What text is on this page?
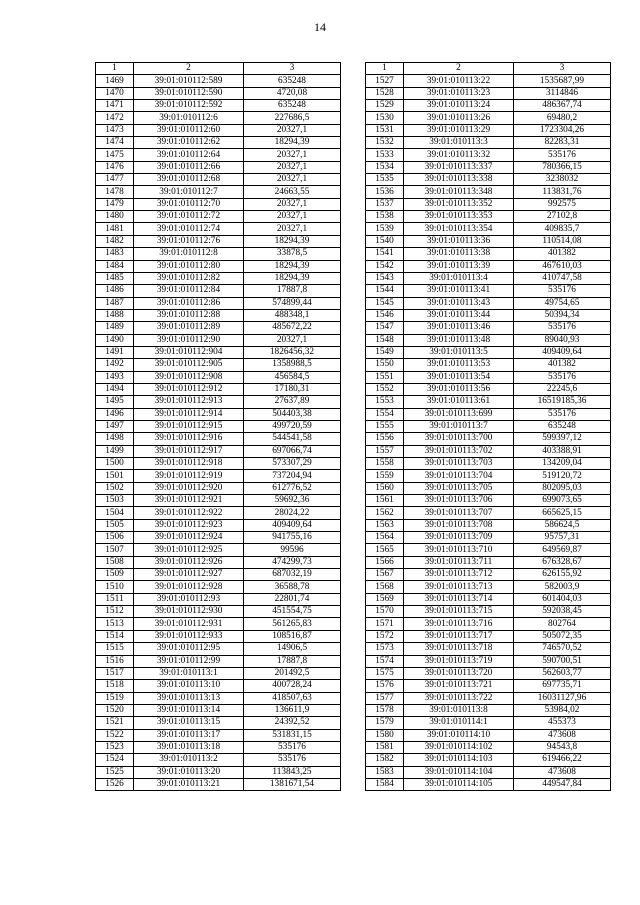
14
1	2	3
1469	39:01:010112:589	635248
1470	39:01:010112:590	4720,08
1471	39:01:010112:592	635248
1472	39:01:010112:6	227686,5
1473	39:01:010112:60	20327,1
1474	39:01:010112:62	18294,39
1475	39:01:010112:64	20327,1
1476	39:01:010112:66	20327,1
1477	39:01:010112:68	20327,1
1478	39:01:010112:7	24663,55
1479	39:01:010112:70	20327,1
1480	39:01:010112:72	20327,1
1481	39:01:010112:74	20327,1
1482	39:01:010112:76	18294,39
1483	39:01:010112:8	33878,5
1484	39:01:010112:80	18294,39
1485	39:01:010112:82	18294,39
1486	39:01:010112:84	17887,8
1487	39:01:010112:86	574899,44
1488	39:01:010112:88	488348,1
1489	39:01:010112:89	485672,22
1490	39:01:010112:90	20327,1
1491	39:01:010112:904	1826456,32
1492	39:01:010112:905	1358988,5
1493	39:01:010112:908	456584,5
1494	39:01:010112:912	17180,31
1495	39:01:010112:913	27637,89
1496	39:01:010112:914	504403,38
1497	39:01:010112:915	499720,59
1498	39:01:010112:916	544541,58
1499	39:01:010112:917	697066,74
1500	39:01:010112:918	573307,29
1501	39:01:010112:919	737204,94
1502	39:01:010112:920	612776,52
1503	39:01:010112:921	59692,36
1504	39:01:010112:922	28024,22
1505	39:01:010112:923	409409,64
1506	39:01:010112:924	941755,16
1507	39:01:010112:925	99596
1508	39:01:010112:926	474299,73
1509	39:01:010112:927	687032,19
1510	39:01:010112:928	36588,78
1511	39:01:010112:93	22801,74
1512	39:01:010112:930	451554,75
1513	39:01:010112:931	561265,83
1514	39:01:010112:933	108516,87
1515	39:01:010112:95	14906,5
1516	39:01:010112:99	17887,8
1517	39:01:010113:1	201492,5
1518	39:01:010113:10	400728,24
1519	39:01:010113:13	418507,63
1520	39:01:010113:14	136611,9
1521	39:01:010113:15	24392,52
1522	39:01:010113:17	531831,15
1523	39:01:010113:18	535176
1524	39:01:010113:2	535176
1525	39:01:010113:20	113843,25
1526	39:01:010113:21	1381671,54
1	2	3
1527	39:01:010113:22	1535687,99
1528	39:01:010113:23	3114846
1529	39:01:010113:24	486367,74
1530	39:01:010113:26	69480,2
1531	39:01:010113:29	1723304,26
1532	39:01:010113:3	82283,31
1533	39:01:010113:32	535176
1534	39:01:010113:337	780366,15
1535	39:01:010113:338	3238032
1536	39:01:010113:348	113831,76
1537	39:01:010113:352	992575
1538	39:01:010113:353	27102,8
1539	39:01:010113:354	409835,7
1540	39:01:010113:36	110514,08
1541	39:01:010113:38	401382
1542	39:01:010113:39	467610,03
1543	39:01:010113:4	410747,58
1544	39:01:010113:41	535176
1545	39:01:010113:43	49754,65
1546	39:01:010113:44	50394,34
1547	39:01:010113:46	535176
1548	39:01:010113:48	89040,93
1549	39:01:010113:5	409409,64
1550	39:01:010113:53	401382
1551	39:01:010113:54	535176
1552	39:01:010113:56	22245,6
1553	39:01:010113:61	16519185,36
1554	39:01:010113:699	535176
1555	39:01:010113:7	635248
1556	39:01:010113:700	599397,12
1557	39:01:010113:702	403388,91
1558	39:01:010113:703	134209,04
1559	39:01:010113:704	519120,72
1560	39:01:010113:705	802095,03
1561	39:01:010113:706	699073,65
1562	39:01:010113:707	665625,15
1563	39:01:010113:708	586624,5
1564	39:01:010113:709	95757,31
1565	39:01:010113:710	649569,87
1566	39:01:010113:711	676328,67
1567	39:01:010113:712	626155,92
1568	39:01:010113:713	582003,9
1569	39:01:010113:714	601404,03
1570	39:01:010113:715	592038,45
1571	39:01:010113:716	802764
1572	39:01:010113:717	505072,35
1573	39:01:010113:718	746570,52
1574	39:01:010113:719	590700,51
1575	39:01:010113:720	562603,77
1576	39:01:010113:721	697735,71
1577	39:01:010113:722	16031127,96
1578	39:01:010113:8	53984,02
1579	39:01:010114:1	455373
1580	39:01:010114:10	473608
1581	39:01:010114:102	94543,8
1582	39:01:010114:103	619466,22
1583	39:01:010114:104	473608
1584	39:01:010114:105	449547,84
